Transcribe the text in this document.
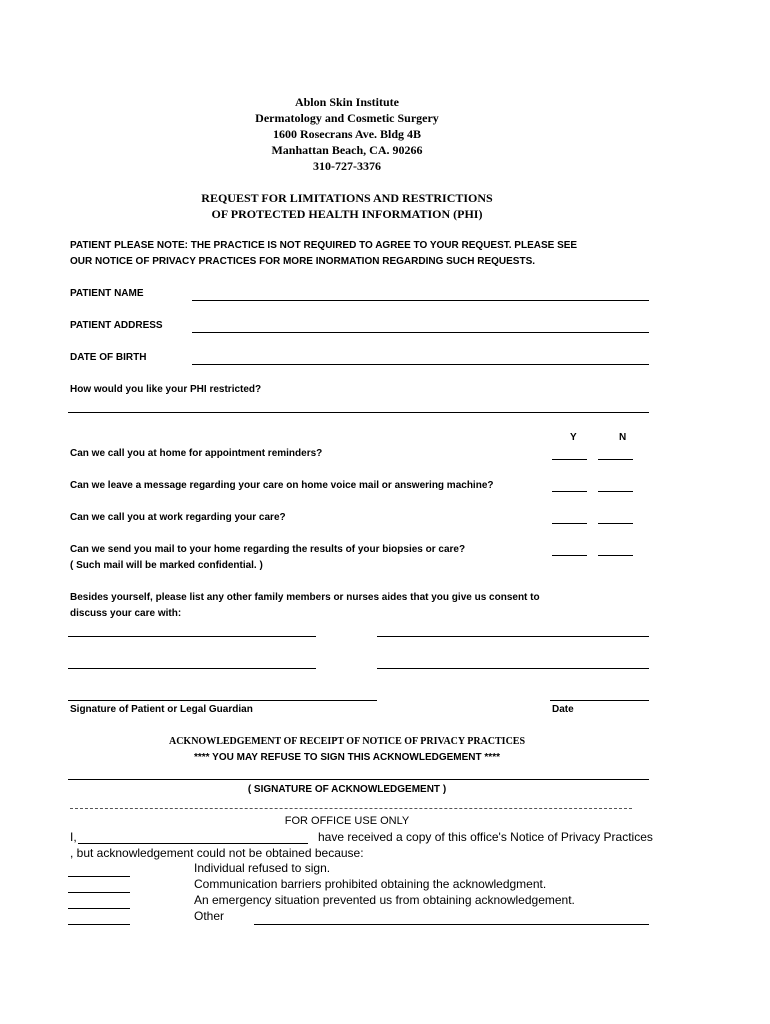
Ablon Skin Institute
Dermatology and Cosmetic Surgery
1600 Rosecrans Ave. Bldg 4B
Manhattan Beach, CA. 90266
310-727-3376
REQUEST FOR LIMITATIONS AND RESTRICTIONS
OF PROTECTED HEALTH INFORMATION (PHI)
PATIENT PLEASE NOTE: THE PRACTICE IS NOT REQUIRED TO AGREE TO YOUR REQUEST. PLEASE SEE
OUR NOTICE OF PRIVACY PRACTICES FOR MORE INORMATION REGARDING SUCH REQUESTS.
PATIENT NAME
PATIENT ADDRESS
DATE OF BIRTH
How would you like your PHI restricted?
Y	N
Can we call you at home for appointment reminders?
Can we leave a message regarding your care on home voice mail or answering machine?
Can we call you at work regarding your care?
Can we send you mail to your home regarding the results of your biopsies or care?
( Such mail will be marked confidential. )
Besides yourself, please list any other family members or nurses aides that you give us consent to
discuss your care with:
Signature of Patient or Legal Guardian	Date
ACKNOWLEDGEMENT OF RECEIPT OF NOTICE OF PRIVACY PRACTICES
**** YOU MAY REFUSE TO SIGN THIS ACKNOWLEDGEMENT ****
( SIGNATURE OF ACKNOWLEDGEMENT )
FOR OFFICE USE ONLY
I,	have received a copy of this office's Notice of Privacy Practices
, but acknowledgement could not be obtained because:
Individual refused to sign.
Communication barriers prohibited obtaining the acknowledgment.
An emergency situation prevented us from obtaining acknowledgement.
Other
